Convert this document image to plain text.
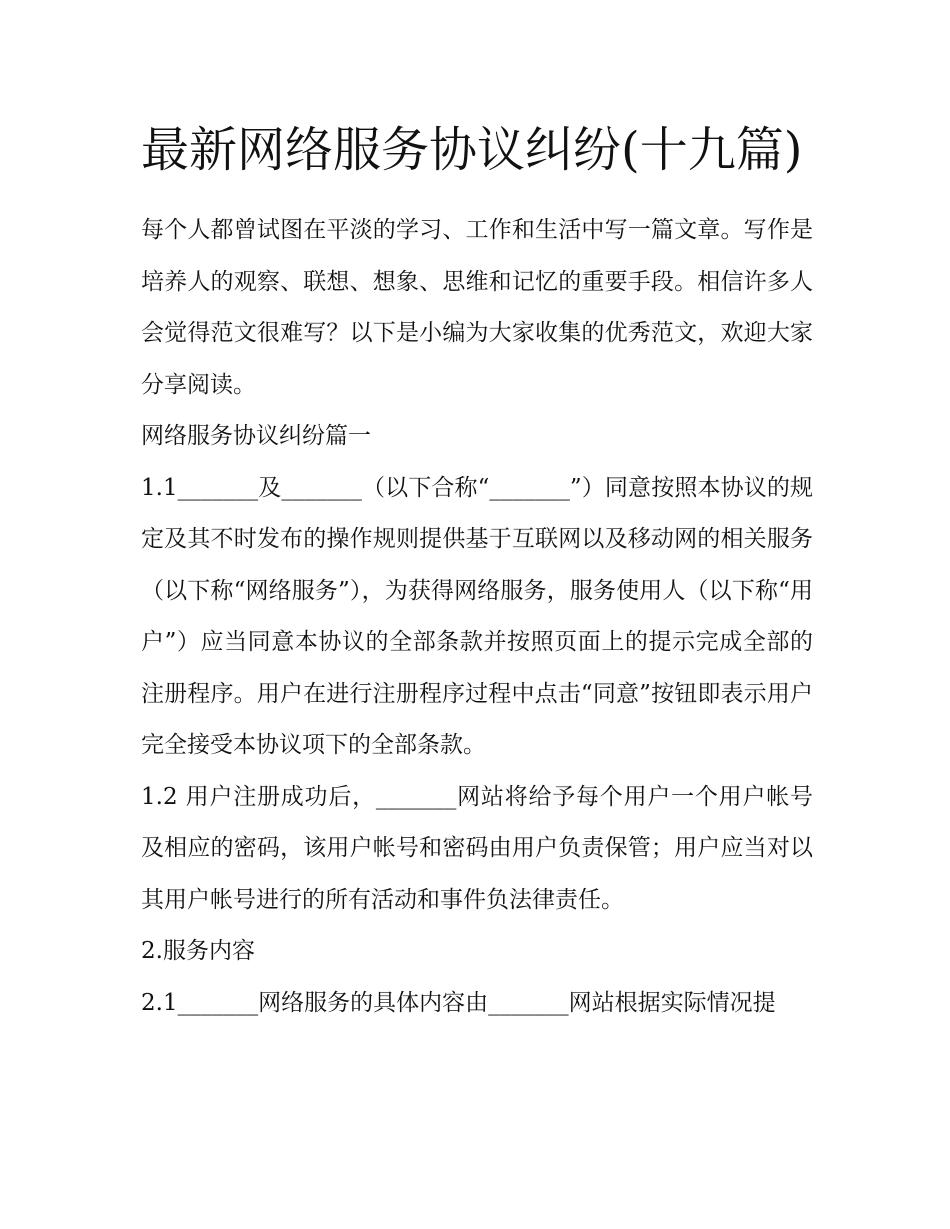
最新网络服务协议纠纷(十九篇)

每个人都曾试图在平淡的学习、工作和生活中写一篇文章。写作是培养人的观察、联想、想象、思维和记忆的重要手段。相信许多人会觉得范文很难写？以下是小编为大家收集的优秀范文，欢迎大家分享阅读。

网络服务协议纠纷篇一

1.1_______及_______（以下合称“_______”）同意按照本协议的规定及其不时发布的操作规则提供基于互联网以及移动网的相关服务（以下称“网络服务”），为获得网络服务，服务使用人（以下称“用户”）应当同意本协议的全部条款并按照页面上的提示完成全部的注册程序。用户在进行注册程序过程中点击“同意”按钮即表示用户完全接受本协议项下的全部条款。

1.2 用户注册成功后，_______网站将给予每个用户一个用户帐号及相应的密码，该用户帐号和密码由用户负责保管；用户应当对以其用户帐号进行的所有活动和事件负法律责任。

2.服务内容

2.1_______网络服务的具体内容由_______网站根据实际情况提
